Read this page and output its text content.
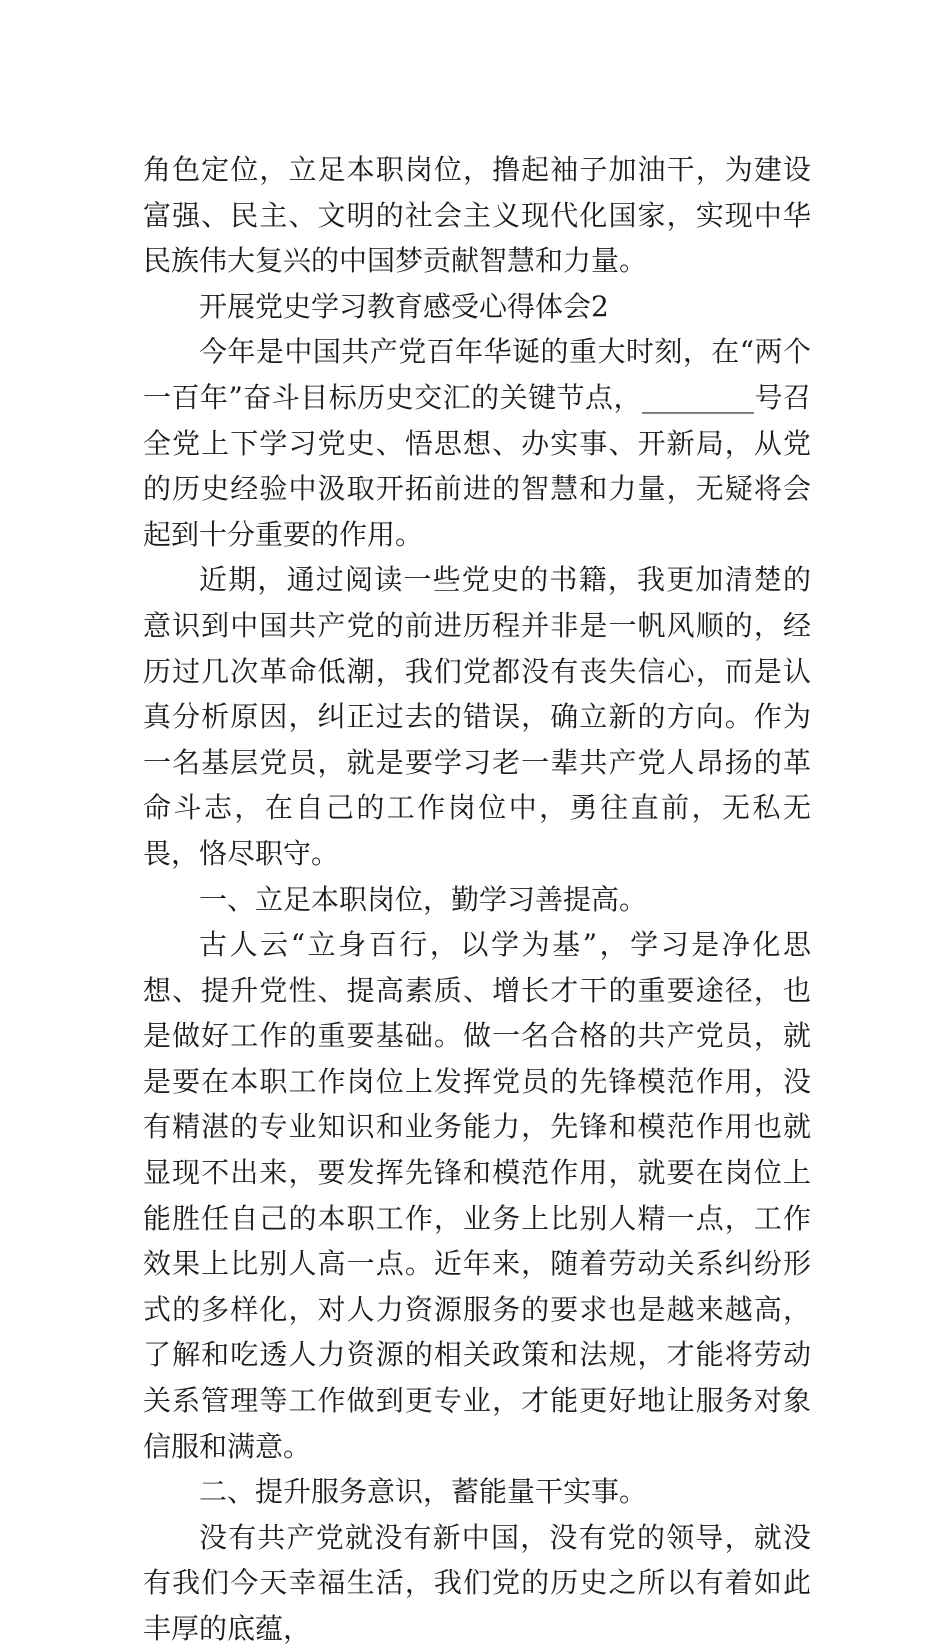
角色定位，立足本职岗位，撸起袖子加油干，为建设富强、民主、文明的社会主义现代化国家，实现中华民族伟大复兴的中国梦贡献智慧和力量。

开展党史学习教育感受心得体会2

今年是中国共产党百年华诞的重大时刻，在“两个一百年”奋斗目标历史交汇的关键节点，________号召全党上下学习党史、悟思想、办实事、开新局，从党的历史经验中汲取开拓前进的智慧和力量，无疑将会起到十分重要的作用。

近期，通过阅读一些党史的书籍，我更加清楚的意识到中国共产党的前进历程并非是一帆风顺的，经历过几次革命低潮，我们党都没有丧失信心，而是认真分析原因，纠正过去的错误，确立新的方向。作为一名基层党员，就是要学习老一辈共产党人昂扬的革命斗志，在自己的工作岗位中，勇往直前，无私无畏，恪尽职守。

一、立足本职岗位，勤学习善提高。

古人云“立身百行，以学为基”，学习是净化思想、提升党性、提高素质、增长才干的重要途径，也是做好工作的重要基础。做一名合格的共产党员，就是要在本职工作岗位上发挥党员的先锋模范作用，没有精湛的专业知识和业务能力，先锋和模范作用也就显现不出来，要发挥先锋和模范作用，就要在岗位上能胜任自己的本职工作，业务上比别人精一点，工作效果上比别人高一点。近年来，随着劳动关系纠纷形式的多样化，对人力资源服务的要求也是越来越高，了解和吃透人力资源的相关政策和法规，才能将劳动关系管理等工作做到更专业，才能更好地让服务对象信服和满意。

二、提升服务意识，蓄能量干实事。

没有共产党就没有新中国，没有党的领导，就没有我们今天幸福生活，我们党的历史之所以有着如此丰厚的底蕴，
